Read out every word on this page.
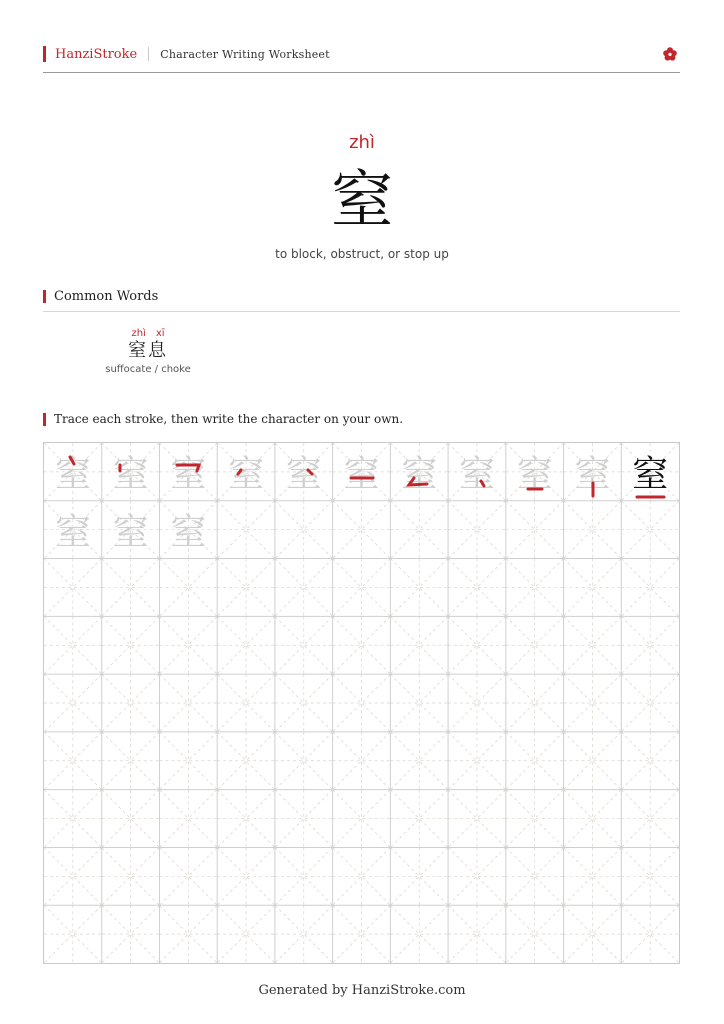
HanziStroke Character Writing Worksheet
zhì
窒
to block, obstruct, or stop up
Common Words
zhì xī
窒息
suffocate / choke
Trace each stroke, then write the character on your own.
窒 窒 窒 窒 窒 窒 窒 窒 窒 窒 窒
窒 窒 窒
Generated by HanziStroke.com
